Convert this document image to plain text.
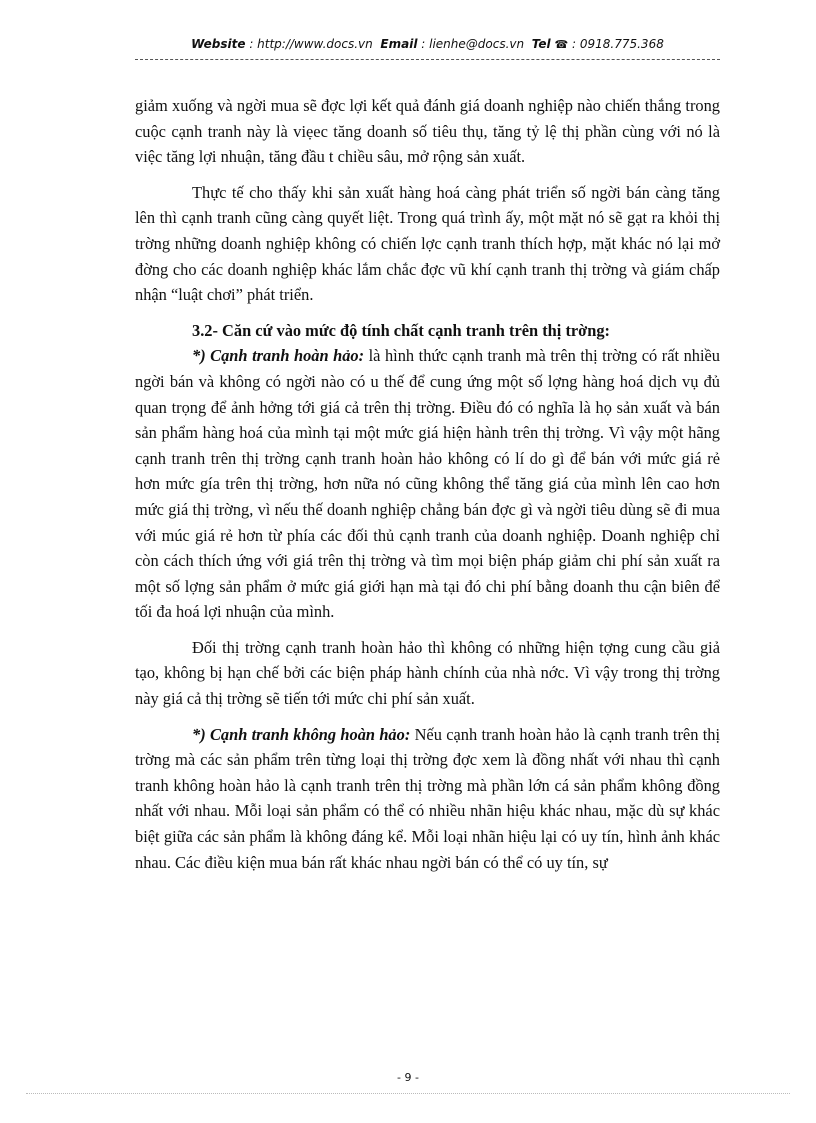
Website : http://www.docs.vn Email : lienhe@docs.vn Tel ☎ : 0918.775.368

giảm xuống và ngời mua sẽ đợc lợi kết quả đánh giá doanh nghiệp nào chiến thắng trong cuộc cạnh tranh này là viẹec tăng doanh số tiêu thụ, tăng tỷ lệ thị phần cùng với nó là việc tăng lợi nhuận, tăng đầu t chiều sâu, mở rộng sản xuất.

Thực tế cho thấy khi sản xuất hàng hoá càng phát triển số ngời bán càng tăng lên thì cạnh tranh cũng càng quyết liệt. Trong quá trình ấy, một mặt nó sẽ gạt ra khỏi thị trờng những doanh nghiệp không có chiến lợc cạnh tranh thích hợp, mặt khác nó lại mở đờng cho các doanh nghiệp khác lắm chắc đợc vũ khí cạnh tranh thị trờng và giám chấp nhận “luật chơi” phát triển.

3.2- Căn cứ vào mức độ tính chất cạnh tranh trên thị trờng:

*) Cạnh tranh hoàn hảo: là hình thức cạnh tranh mà trên thị trờng có rất nhiều ngời bán và không có ngời nào có u thế để cung ứng một số lợng hàng hoá dịch vụ đủ quan trọng để ảnh hởng tới giá cả trên thị trờng. Điều đó có nghĩa là họ sản xuất và bán sản phẩm hàng hoá của mình tại một mức giá hiện hành trên thị trờng. Vì vậy một hãng cạnh tranh trên thị trờng cạnh tranh hoàn hảo không có lí do gì để bán với mức giá rẻ hơn mức gía trên thị trờng, hơn nữa nó cũng không thể tăng giá của mình lên cao hơn mức giá thị trờng, vì nếu thế doanh nghiệp chẳng bán đợc gì và ngời tiêu dùng sẽ đi mua với múc giá rẻ hơn từ phía các đối thủ cạnh tranh của doanh nghiệp. Doanh nghiệp chỉ còn cách thích ứng với giá trên thị trờng và tìm mọi biện pháp giảm chi phí sản xuất ra một số lợng sản phẩm ở mức giá giới hạn mà tại đó chi phí bằng doanh thu cận biên để tối đa hoá lợi nhuận của mình.

Đối thị trờng cạnh tranh hoàn hảo thì không có những hiện tợng cung cầu giả tạo, không bị hạn chế bởi các biện pháp hành chính của nhà nớc. Vì vậy trong thị trờng này giá cả thị trờng sẽ tiến tới mức chi phí sản xuất.

*) Cạnh tranh không hoàn hảo: Nếu cạnh tranh hoàn hảo là cạnh tranh trên thị trờng mà các sản phẩm trên từng loại thị trờng đợc xem là đồng nhất với nhau thì cạnh tranh không hoàn hảo là cạnh tranh trên thị trờng mà phần lớn cá sản phẩm không đồng nhất với nhau. Mỗi loại sản phẩm có thể có nhiều nhãn hiệu khác nhau, mặc dù sự khác biệt giữa các sản phẩm là không đáng kể. Mỗi loại nhãn hiệu lại có uy tín, hình ảnh khác nhau. Các điều kiện mua bán rất khác nhau ngời bán có thể có uy tín, sự

- 9 -
